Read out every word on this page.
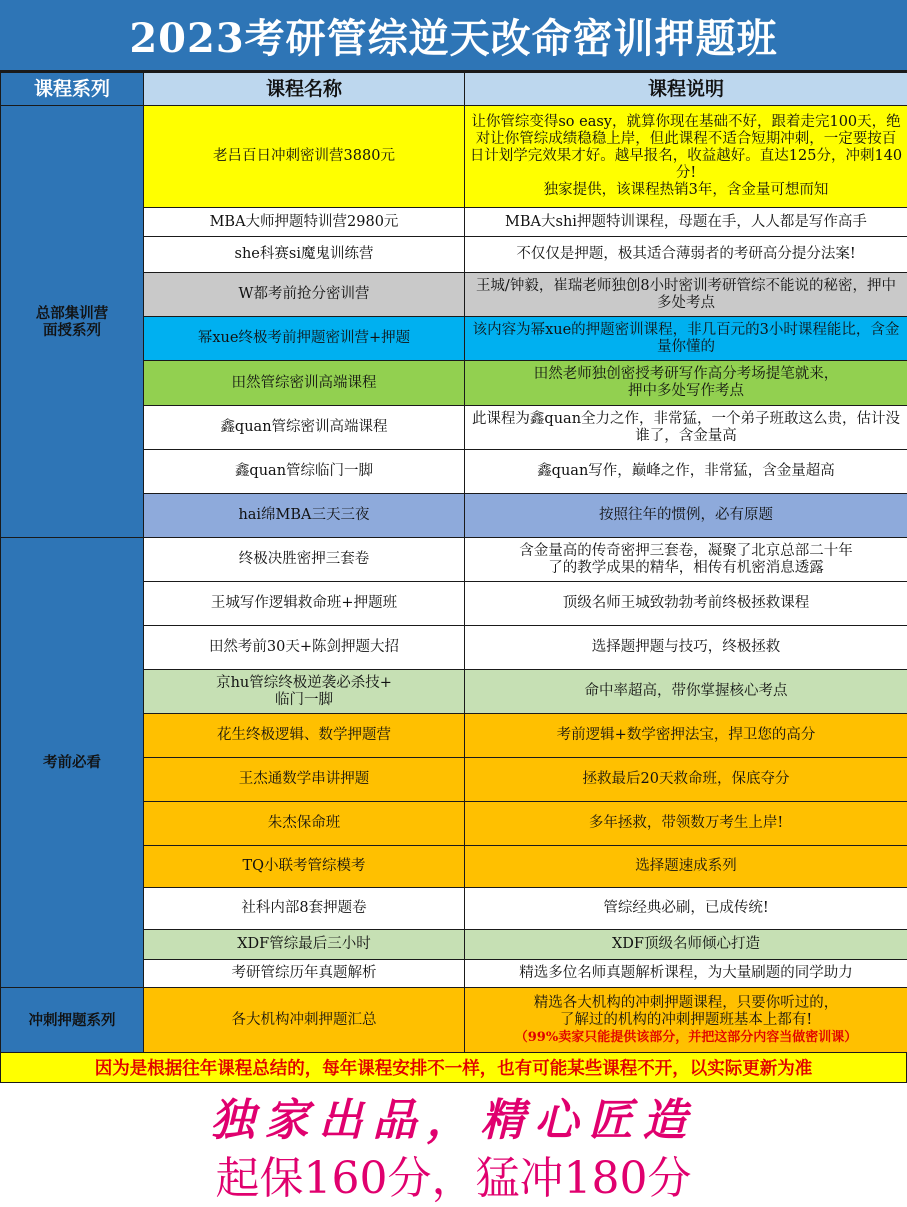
2023考研管综逆天改命密训押题班
课程系列	课程名称	课程说明
总部集训营
面授系列	老吕百日冲刺密训营3880元	让你管综变得so easy，就算你现在基础不好，跟着走完100天，绝对让你管综成绩稳稳上岸，但此课程不适合短期冲刺，一定要按百日计划学完效果才好。越早报名，收益越好。直达125分，冲刺140分!
独家提供，该课程热销3年，含金量可想而知
	MBA大师押题特训营2980元	MBA大shi押题特训课程，母题在手，人人都是写作高手
	she科赛si魔鬼训练营	不仅仅是押题，极其适合薄弱者的考研高分提分法案!
	W都考前抢分密训营	王城/钟毅，崔瑞老师独创8小时密训考研管综不能说的秘密，押中多处考点
	幂xue终极考前押题密训营+押题	该内容为幂xue的押题密训课程，非几百元的3小时课程能比，含金量你懂的
	田然管综密训高端课程	田然老师独创密授考研写作高分考场提笔就来，
押中多处写作考点
	鑫quan管综密训高端课程	此课程为鑫quan全力之作，非常猛，一个弟子班敢这么贵，估计没谁了，含金量高
	鑫quan管综临门一脚	鑫quan写作，巅峰之作，非常猛，含金量超高
	hai绵MBA三天三夜	按照往年的惯例，必有原题
考前必看	终极决胜密押三套卷	含金量高的传奇密押三套卷，凝聚了北京总部二十年
了的教学成果的精华，相传有机密消息透露
	王城写作逻辑救命班+押题班	顶级名师王城致勃勃考前终极拯救课程
	田然考前30天+陈剑押题大招	选择题押题与技巧，终极拯救
	京hu管综终极逆袭必杀技+
临门一脚	命中率超高，带你掌握核心考点
	花生终极逻辑、数学押题营	考前逻辑+数学密押法宝，捍卫您的高分
	王杰通数学串讲押题	拯救最后20天救命班，保底夺分
	朱杰保命班	多年拯救，带领数万考生上岸!
	TQ小联考管综模考	选择题速成系列
	社科内部8套押题卷	管综经典必刷，已成传统!
	XDF管综最后三小时	XDF顶级名师倾心打造
	考研管综历年真题解析	精选多位名师真题解析课程，为大量刷题的同学助力
冲刺押题系列	各大机构冲刺押题汇总	精选各大机构的冲刺押题课程，只要你听过的，
了解过的机构的冲刺押题班基本上都有!
（99%卖家只能提供该部分，并把这部分内容当做密训课）
因为是根据往年课程总结的，每年课程安排不一样，也有可能某些课程不开，以实际更新为准
独家出品，精心匠造
起保160分，猛冲180分
